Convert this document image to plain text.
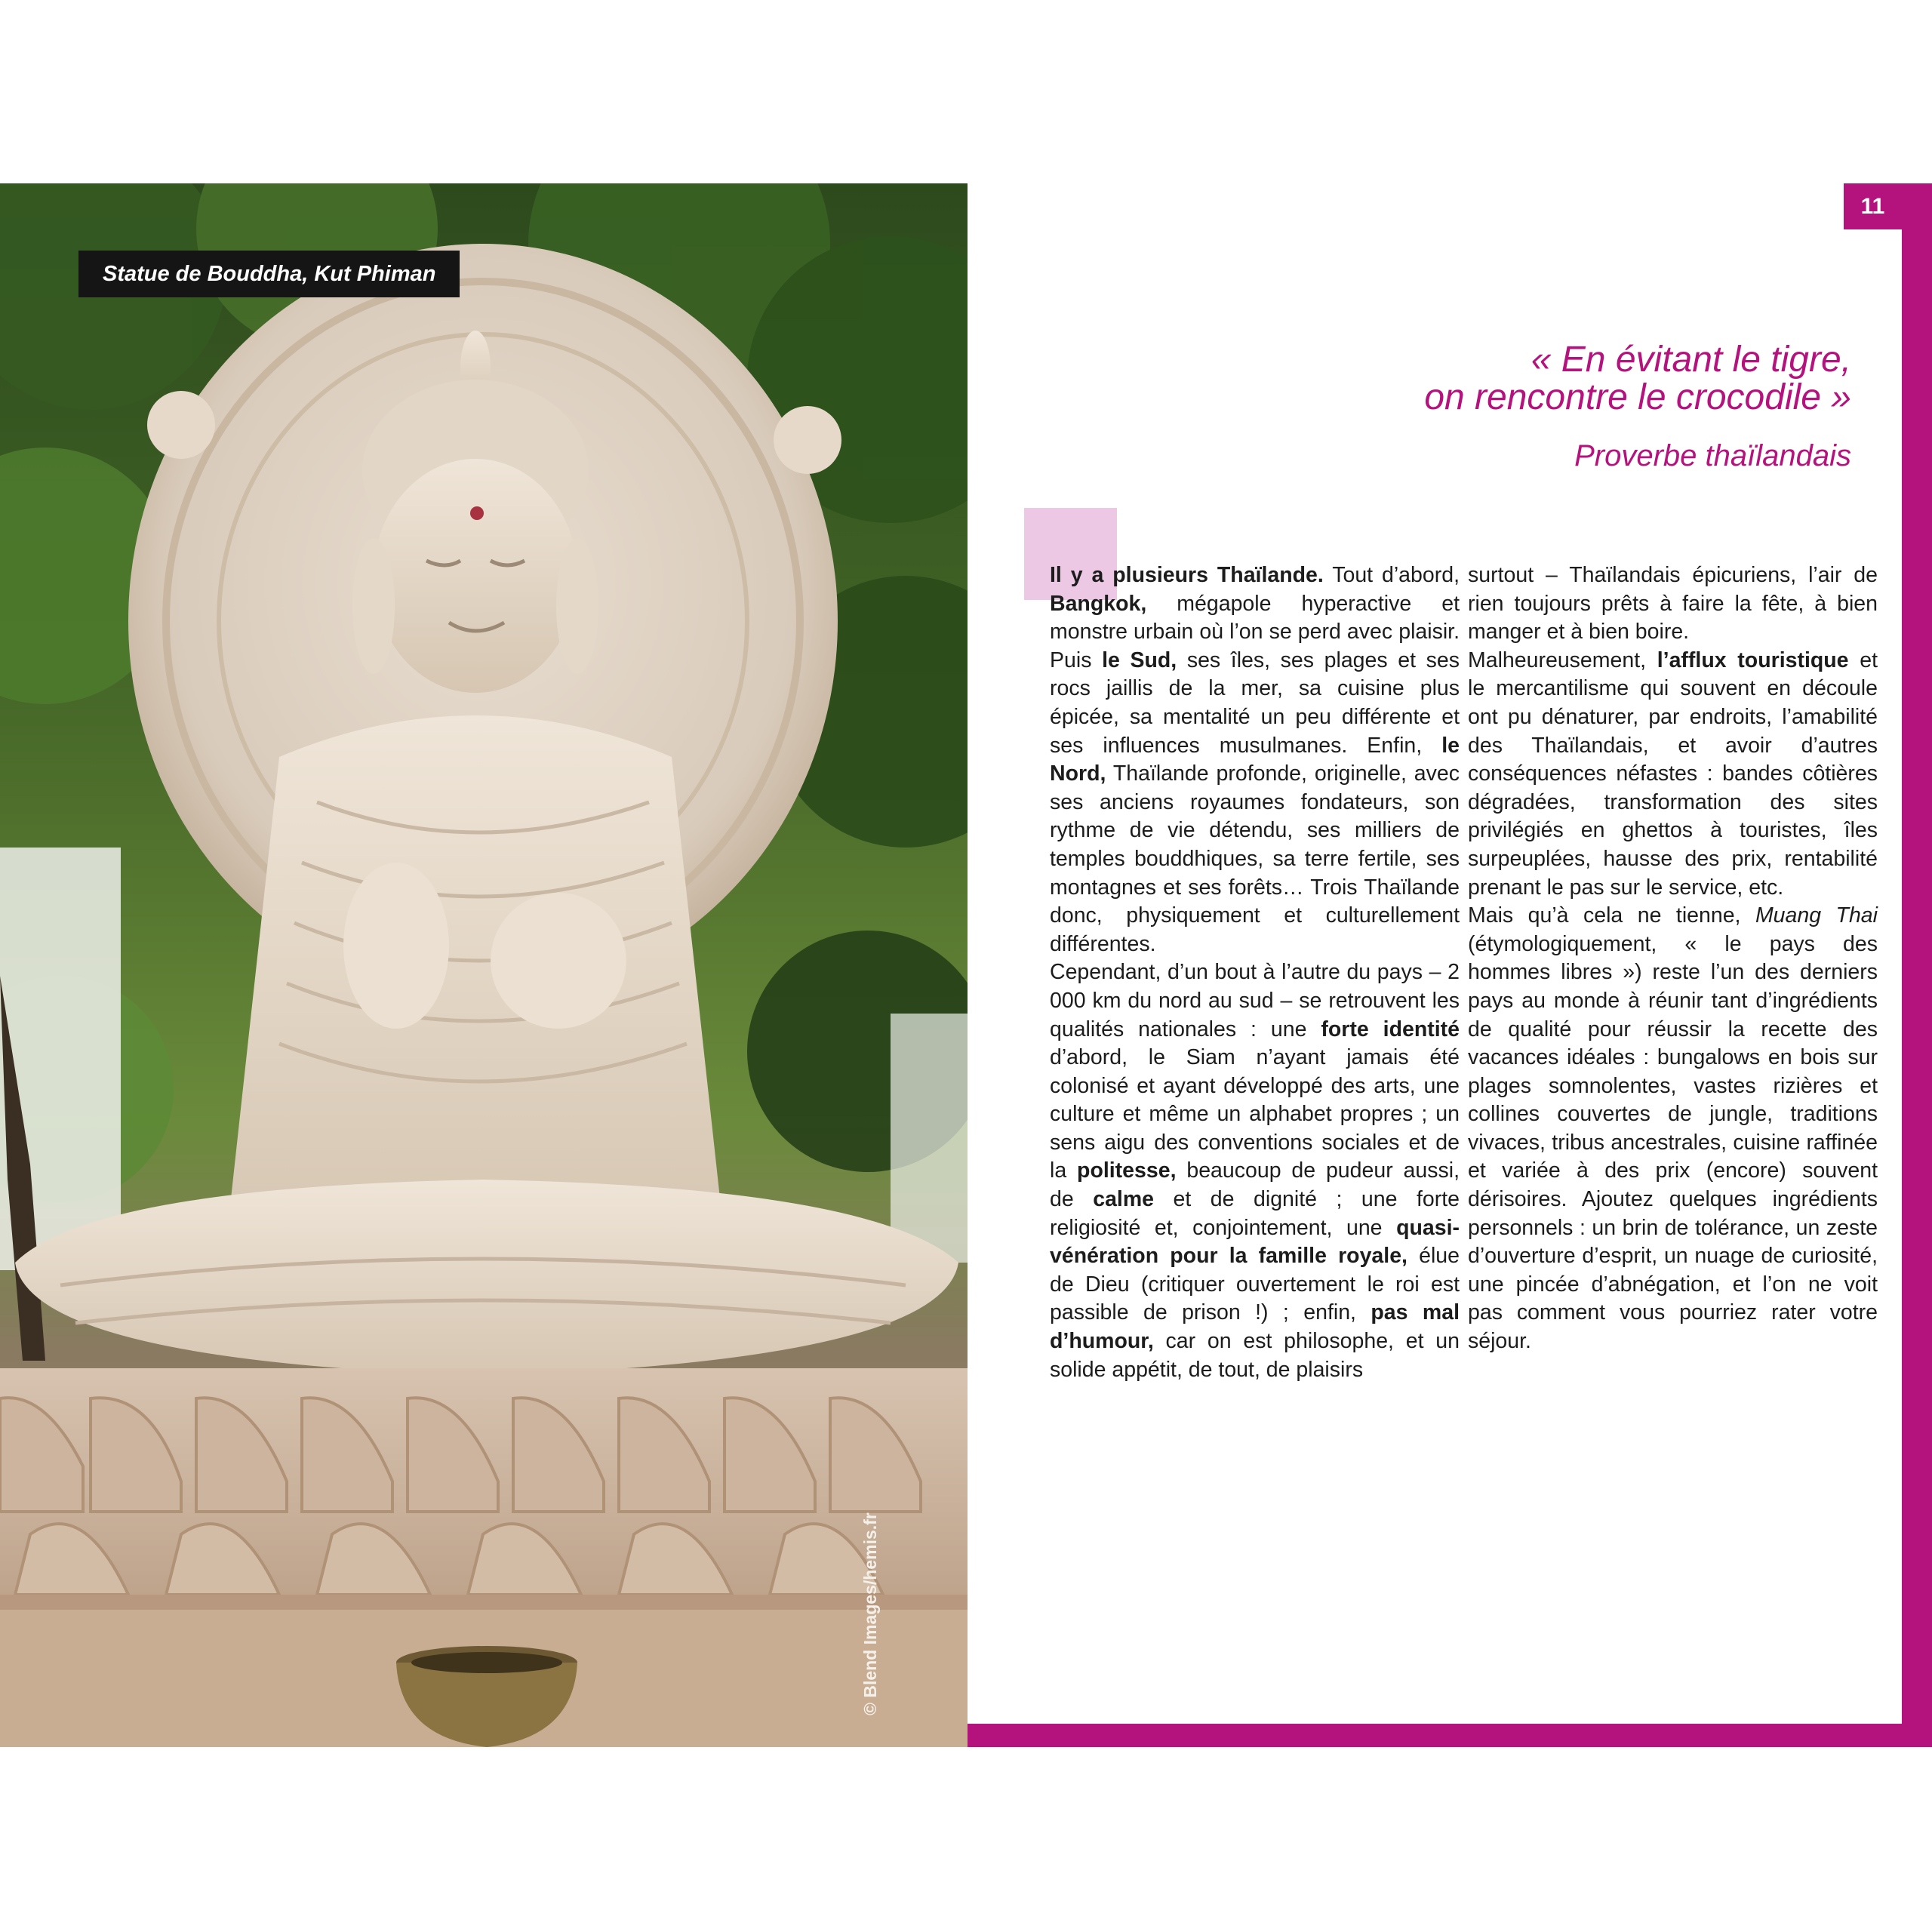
Statue de Bouddha, Kut Phiman
© Blend Images/hemis.fr
11
« En évitant le tigre,
on rencontre le crocodile »
Proverbe thaïlandais

Il y a plusieurs Thaïlande. Tout d’abord, Bangkok, mégapole hyperactive et monstre urbain où l’on se perd avec plaisir. Puis le Sud, ses îles, ses plages et ses rocs jaillis de la mer, sa cuisine plus épicée, sa mentalité un peu différente et ses influences musulmanes. Enfin, le Nord, Thaïlande profonde, originelle, avec ses anciens royaumes fondateurs, son rythme de vie détendu, ses milliers de temples bouddhiques, sa terre fertile, ses montagnes et ses forêts… Trois Thaïlande donc, physiquement et culturellement différentes.

Cependant, d’un bout à l’autre du pays – 2 000 km du nord au sud – se retrouvent les qualités nationales : une forte identité d’abord, le Siam n’ayant jamais été colonisé et ayant développé des arts, une culture et même un alphabet propres ; un sens aigu des conventions sociales et de la politesse, beaucoup de pudeur aussi, de calme et de dignité ; une forte religiosité et, conjointement, une quasi-vénération pour la famille royale, élue de Dieu (critiquer ouvertement le roi est passible de prison !) ; enfin, pas mal d’humour, car on est philosophe, et un solide appétit, de tout, de plaisirs

surtout – Thaïlandais épicuriens, l’air de rien toujours prêts à faire la fête, à bien manger et à bien boire.

Malheureusement, l’afflux touristique et le mercantilisme qui souvent en découle ont pu dénaturer, par endroits, l’amabilité des Thaïlandais, et avoir d’autres conséquences néfastes : bandes côtières dégradées, transformation des sites privilégiés en ghettos à touristes, îles surpeuplées, hausse des prix, rentabilité prenant le pas sur le service, etc.

Mais qu’à cela ne tienne, Muang Thai (étymologiquement, « le pays des hommes libres ») reste l’un des derniers pays au monde à réunir tant d’ingrédients de qualité pour réussir la recette des vacances idéales : bungalows en bois sur plages somnolentes, vastes rizières et collines couvertes de jungle, traditions vivaces, tribus ancestrales, cuisine raffinée et variée à des prix (encore) souvent dérisoires. Ajoutez quelques ingrédients personnels : un brin de tolérance, un zeste d’ouverture d’esprit, un nuage de curiosité, une pincée d’abnégation, et l’on ne voit pas comment vous pourriez rater votre séjour.
